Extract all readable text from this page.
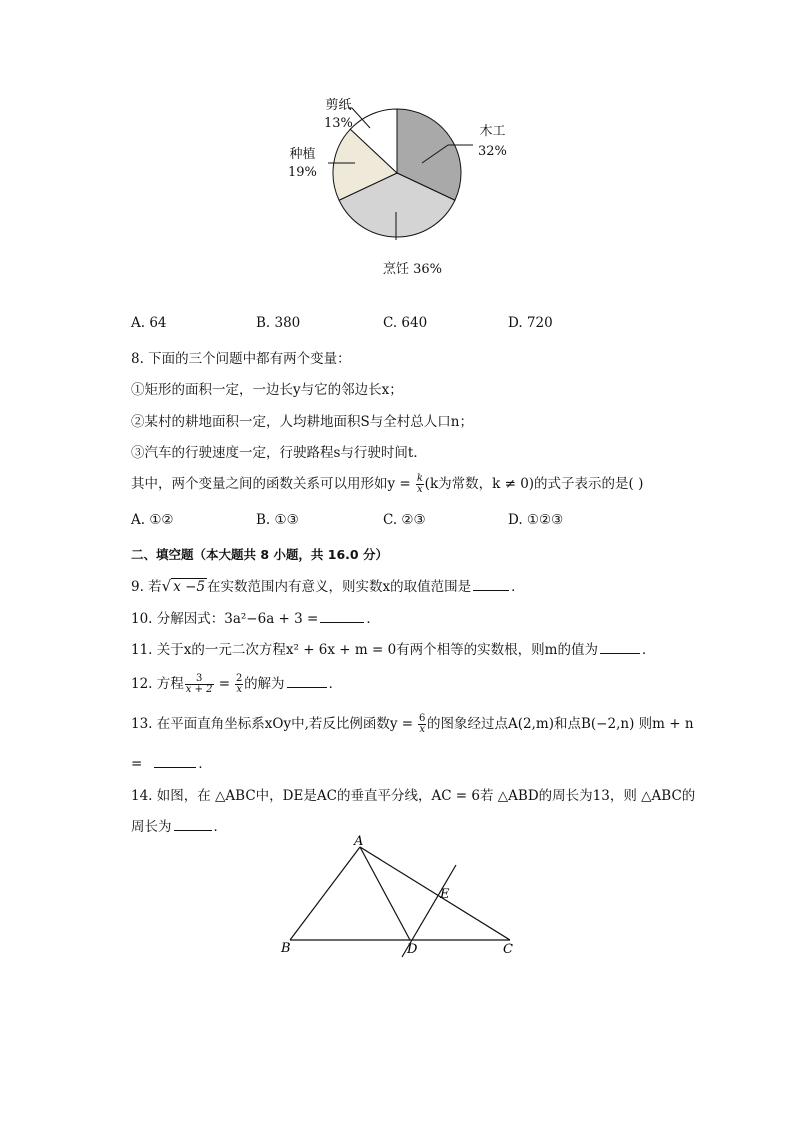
剪纸
13%
种植
19%
木工
32%
烹饪 36%
A. 64	B. 380	C. 640	D. 720
8. 下面的三个问题中都有两个变量：
①矩形的面积一定，一边长y与它的邻边长x；
②某村的耕地面积一定，人均耕地面积S与全村总人口n；
③汽车的行驶速度一定，行驶路程s与行驶时间t．
其中，两个变量之间的函数关系可以用形如$y = \frac{k}{x} (k$为常数，k ≠ 0)的式子表示的是( )
A. ①②	B. ①③	C. ②③	D. ①②③
二、填空题（本大题共 8 小题，共 16.0 分）
9. 若√ x −5 在实数范围内有意义，则实数x的取值范围是	．
10. 分解因式：3a²−6a + 3 =	．
11. 关于x的一元二次方程x² + 6x + m = 0有两个相等的实数根，则m的值为	．
12. 方程 $\frac{3}{x + 2} = \frac{2}{x}$ 的解为	．
13. 在平面直角坐标系xOy中,若反比例函数$y = \frac{6}{x}$ 的图象经过点A(2,m)和点B(−2,n) 则m + n
=	．
14. 如图，在 △ABC中，DE是AC的垂直平分线，AC = 6若 △ABD的周长为13，则 △ABC的
周长为	．
A
B	C
D
E
